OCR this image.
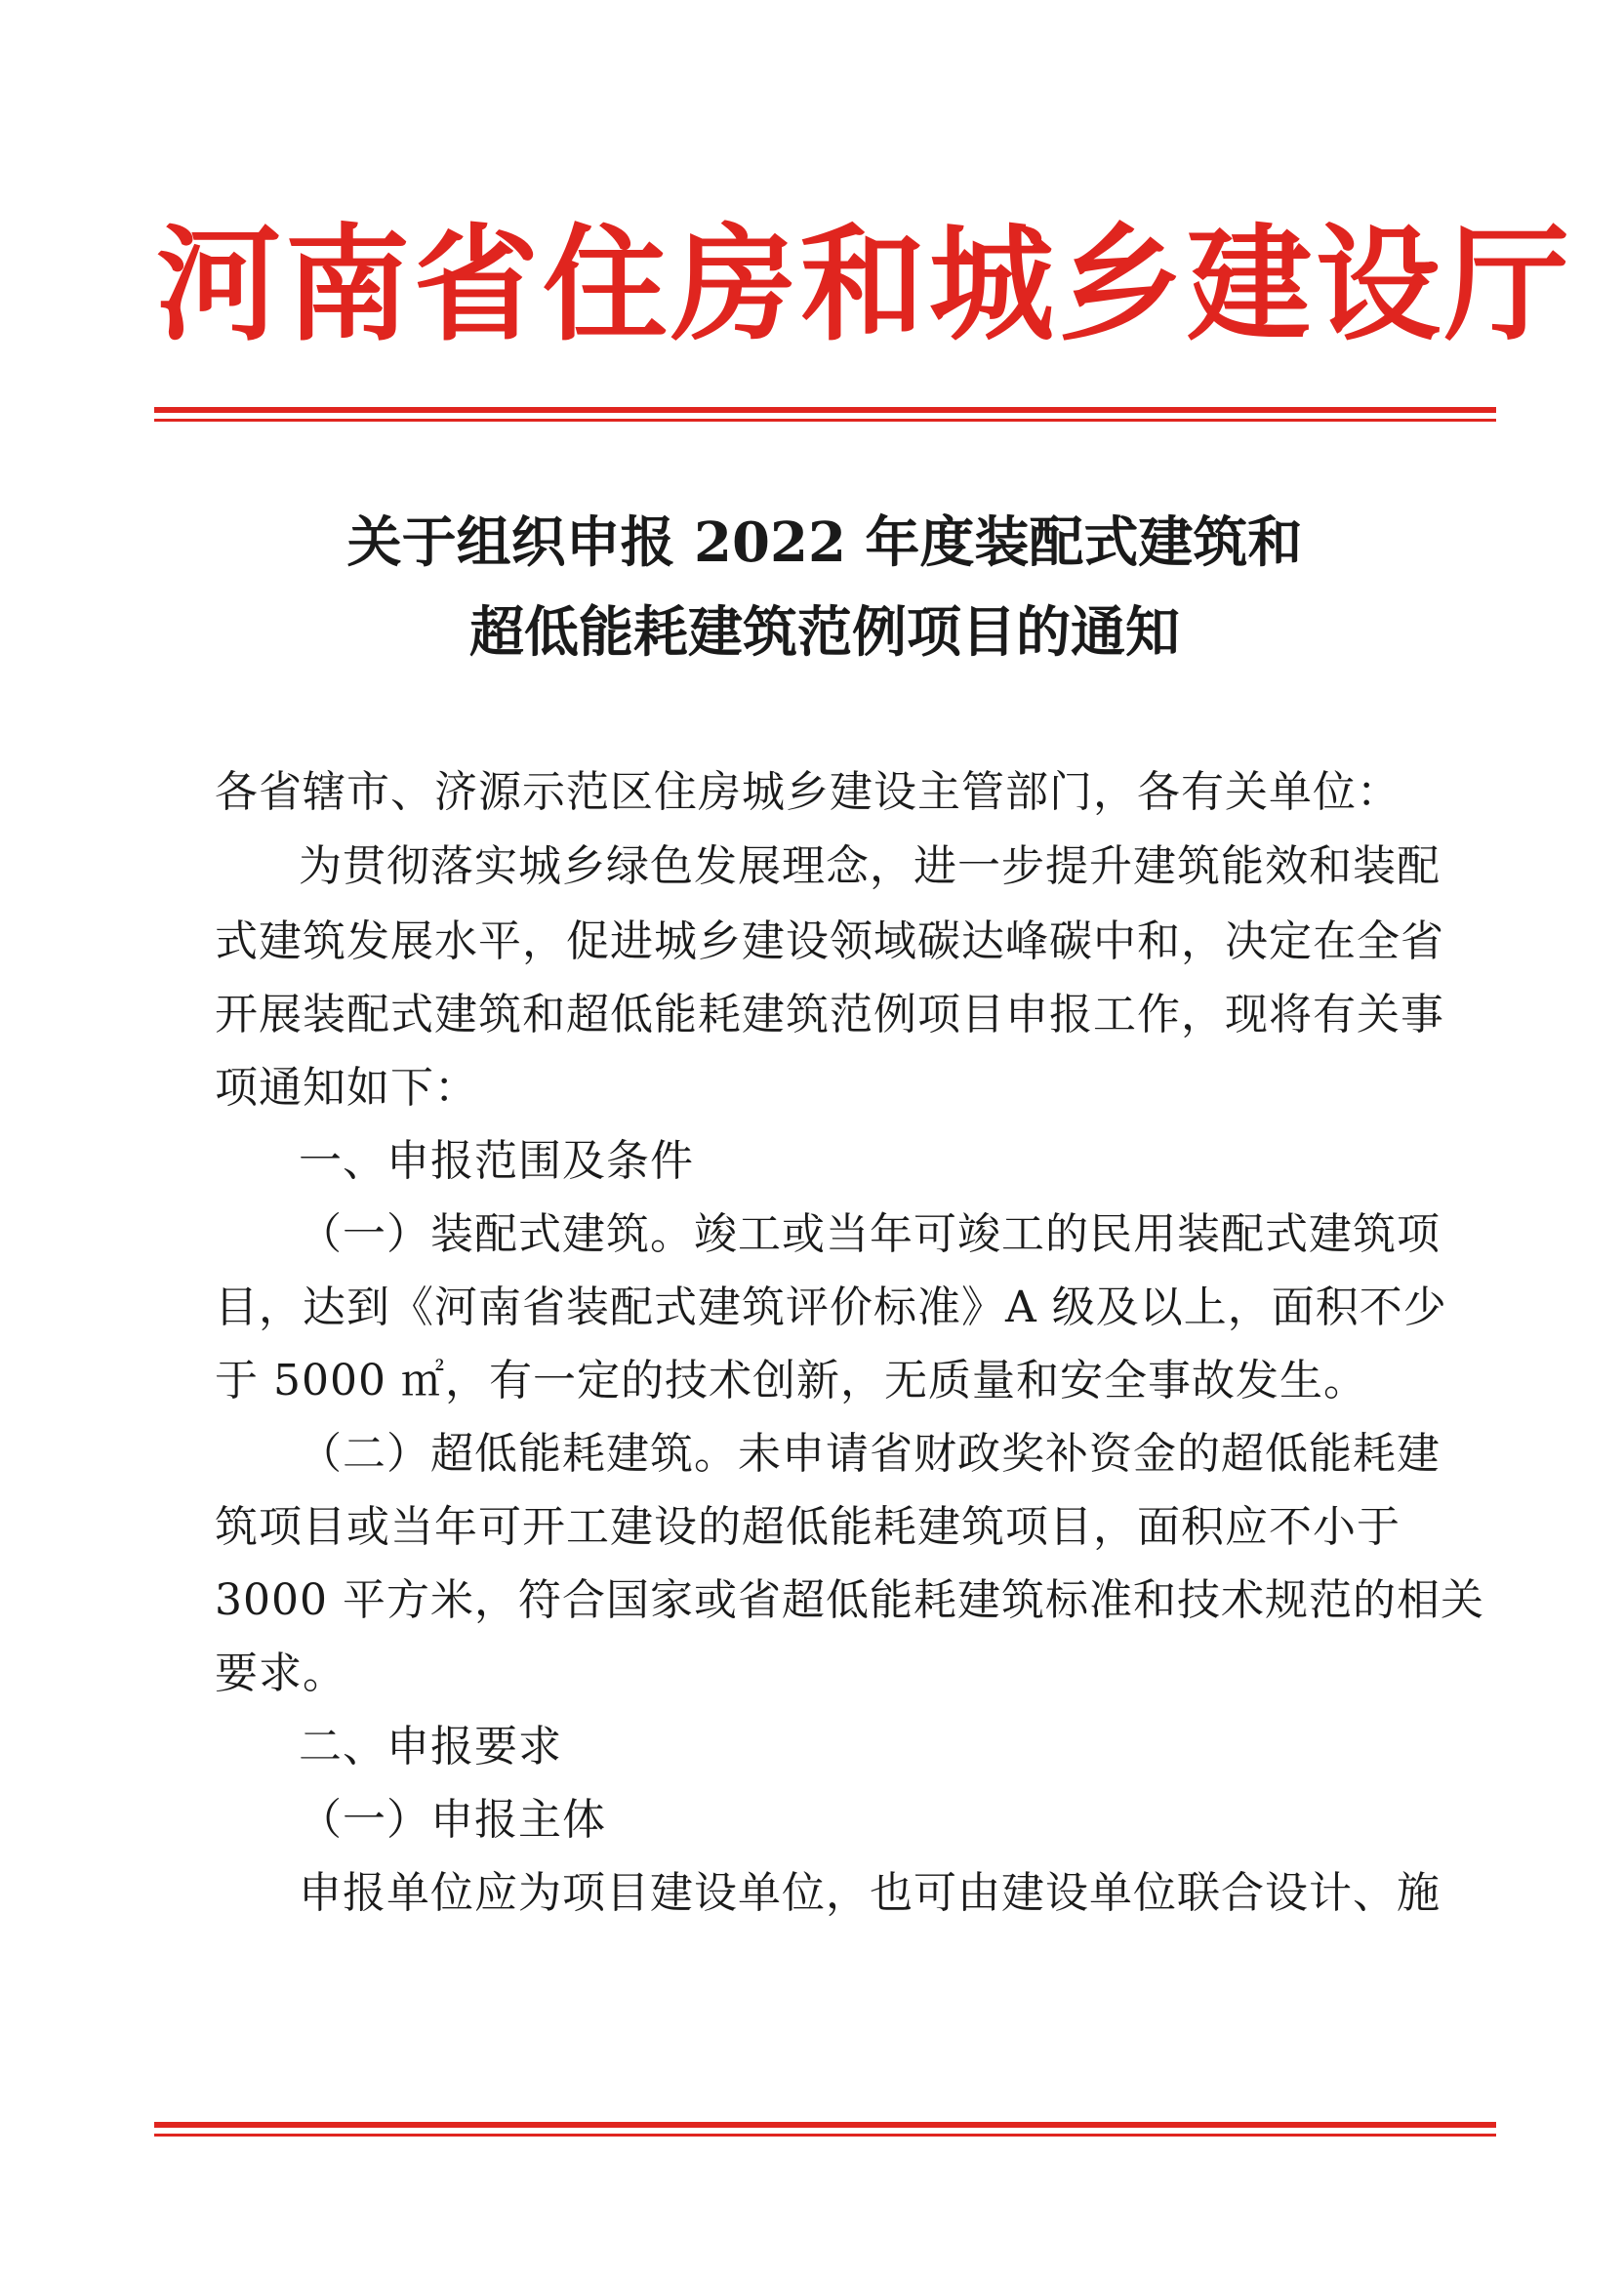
河南省住房和城乡建设厅
关于组织申报 2022 年度装配式建筑和
超低能耗建筑范例项目的通知
各省辖市、济源示范区住房城乡建设主管部门，各有关单位：
为贯彻落实城乡绿色发展理念，进一步提升建筑能效和装配
式建筑发展水平，促进城乡建设领域碳达峰碳中和，决定在全省
开展装配式建筑和超低能耗建筑范例项目申报工作，现将有关事
项通知如下：
一、申报范围及条件
（一）装配式建筑。竣工或当年可竣工的民用装配式建筑项
目，达到《河南省装配式建筑评价标准》A 级及以上，面积不少
于 5000 ㎡，有一定的技术创新，无质量和安全事故发生。
（二）超低能耗建筑。未申请省财政奖补资金的超低能耗建
筑项目或当年可开工建设的超低能耗建筑项目，面积应不小于
3000 平方米，符合国家或省超低能耗建筑标准和技术规范的相关
要求。
二、申报要求
（一）申报主体
申报单位应为项目建设单位，也可由建设单位联合设计、施
